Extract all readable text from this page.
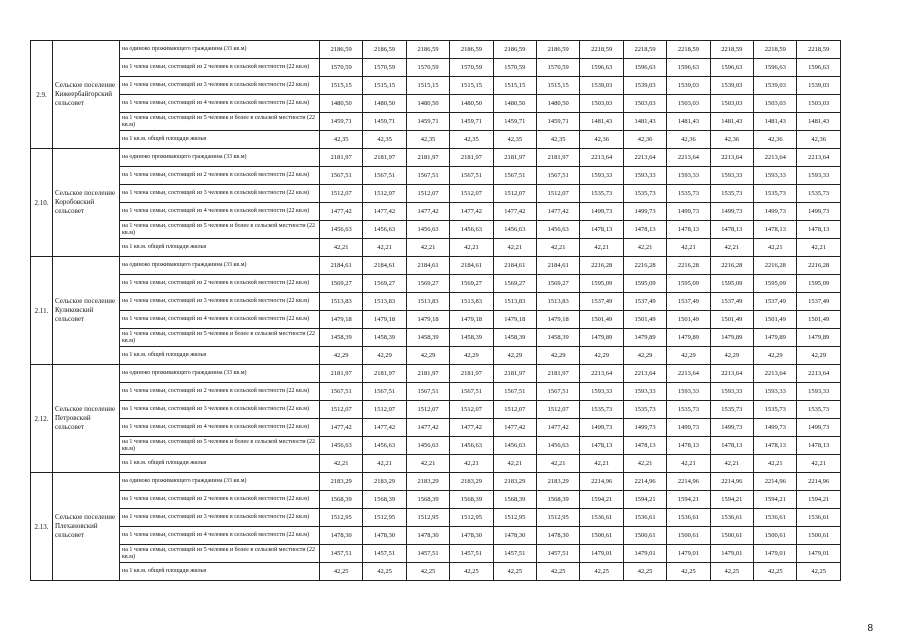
2.9.	Сельское поселение Кижеербайгорский сельсовет	на одиноко проживающего гражданина (33 кв.м)	2186,59	2186,59	2186,59	2186,59	2186,59	2186,59	2218,59	2218,59	2218,59	2218,59	2218,59	2218,59
		на 1 члена семьи, состоящей из 2 человек в сельской местности (22 кв.м)	1570,59	1570,59	1570,59	1570,59	1570,59	1570,59	1596,63	1596,63	1596,63	1596,63	1596,63	1596,63
		на 1 члена семьи, состоящей из 3 человек в сельской местности (22 кв.м)	1515,15	1515,15	1515,15	1515,15	1515,15	1515,15	1539,03	1539,03	1539,03	1539,03	1539,03	1539,03
		на 1 члена семьи, состоящей из 4 человек в сельской местности (22 кв.м)	1480,50	1480,50	1480,50	1480,50	1480,50	1480,50	1503,03	1503,03	1503,03	1503,03	1503,03	1503,03
		на 1 члена семьи, состоящей из 5 человек и более в сельской местности (22 кв.м)	1459,71	1459,71	1459,71	1459,71	1459,71	1459,71	1481,43	1481,43	1481,43	1481,43	1481,43	1481,43
		на 1 кв.м. общей площади жилья	42,35	42,35	42,35	42,35	42,35	42,35	42,36	42,36	42,36	42,36	42,36	42,36
2.10.	Сельское поселение Коробовский сельсовет	на одиноко проживающего гражданина (33 кв.м)	2181,97	2181,97	2181,97	2181,97	2181,97	2181,97	2213,64	2213,64	2213,64	2213,64	2213,64	2213,64
		на 1 члена семьи, состоящей из 2 человек в сельской местности (22 кв.м)	1567,51	1567,51	1567,51	1567,51	1567,51	1567,51	1593,33	1593,33	1593,33	1593,33	1593,33	1593,33
		на 1 члена семьи, состоящей из 3 человек в сельской местности (22 кв.м)	1512,07	1512,07	1512,07	1512,07	1512,07	1512,07	1535,73	1535,73	1535,73	1535,73	1535,73	1535,73
		на 1 члена семьи, состоящей из 4 человек в сельской местности (22 кв.м)	1477,42	1477,42	1477,42	1477,42	1477,42	1477,42	1499,73	1499,73	1499,73	1499,73	1499,73	1499,73
		на 1 члена семьи, состоящей из 5 человек и более в сельской местности (22 кв.м)	1456,63	1456,63	1456,63	1456,63	1456,63	1456,63	1478,13	1478,13	1478,13	1478,13	1478,13	1478,13
		на 1 кв.м. общей площади жилья	42,21	42,21	42,21	42,21	42,21	42,21	42,21	42,21	42,21	42,21	42,21	42,21
2.11.	Сельское поселение Куликовский сельсовет	на одиноко проживающего гражданина (33 кв.м)	2184,61	2184,61	2184,61	2184,61	2184,61	2184,61	2216,28	2216,28	2216,28	2216,28	2216,28	2216,28
		на 1 члена семьи, состоящей из 2 человек в сельской местности (22 кв.м)	1569,27	1569,27	1569,27	1569,27	1569,27	1569,27	1595,09	1595,09	1595,09	1595,09	1595,09	1595,09
		на 1 члена семьи, состоящей из 3 человек в сельской местности (22 кв.м)	1513,83	1513,83	1513,83	1513,83	1513,83	1513,83	1537,49	1537,49	1537,49	1537,49	1537,49	1537,49
		на 1 члена семьи, состоящей из 4 человек в сельской местности (22 кв.м)	1479,18	1479,18	1479,18	1479,18	1479,18	1479,18	1501,49	1501,49	1501,49	1501,49	1501,49	1501,49
		на 1 члена семьи, состоящей из 5 человек и более в сельской местности (22 кв.м)	1458,39	1458,39	1458,39	1458,39	1458,39	1458,39	1479,89	1479,89	1479,89	1479,89	1479,89	1479,89
		на 1 кв.м. общей площади жилья	42,29	42,29	42,29	42,29	42,29	42,29	42,29	42,29	42,29	42,29	42,29	42,29
2.12.	Сельское поселение Петровский сельсовет	на одиноко проживающего гражданина (33 кв.м)	2181,97	2181,97	2181,97	2181,97	2181,97	2181,97	2213,64	2213,64	2213,64	2213,64	2213,64	2213,64
		на 1 члена семьи, состоящей из 2 человек в сельской местности (22 кв.м)	1567,51	1567,51	1567,51	1567,51	1567,51	1567,51	1593,33	1593,33	1593,33	1593,33	1593,33	1593,33
		на 1 члена семьи, состоящей из 3 человек в сельской местности (22 кв.м)	1512,07	1512,07	1512,07	1512,07	1512,07	1512,07	1535,73	1535,73	1535,73	1535,73	1535,73	1535,73
		на 1 члена семьи, состоящей из 4 человек в сельской местности (22 кв.м)	1477,42	1477,42	1477,42	1477,42	1477,42	1477,42	1499,73	1499,73	1499,73	1499,73	1499,73	1499,73
		на 1 члена семьи, состоящей из 5 человек и более в сельской местности (22 кв.м)	1456,63	1456,63	1456,63	1456,63	1456,63	1456,63	1478,13	1478,13	1478,13	1478,13	1478,13	1478,13
		на 1 кв.м. общей площади жилья	42,21	42,21	42,21	42,21	42,21	42,21	42,21	42,21	42,21	42,21	42,21	42,21
2.13.	Сельское поселение Плехановский сельсовет	на одиноко проживающего гражданина (33 кв.м)	2183,29	2183,29	2183,29	2183,29	2183,29	2183,29	2214,96	2214,96	2214,96	2214,96	2214,96	2214,96
		на 1 члена семьи, состоящей из 2 человек в сельской местности (22 кв.м)	1568,39	1568,39	1568,39	1568,39	1568,39	1568,39	1594,21	1594,21	1594,21	1594,21	1594,21	1594,21
		на 1 члена семьи, состоящей из 3 человек в сельской местности (22 кв.м)	1512,95	1512,95	1512,95	1512,95	1512,95	1512,95	1536,61	1536,61	1536,61	1536,61	1536,61	1536,61
		на 1 члена семьи, состоящей из 4 человек в сельской местности (22 кв.м)	1478,30	1478,30	1478,30	1478,30	1478,30	1478,30	1500,61	1500,61	1500,61	1500,61	1500,61	1500,61
		на 1 члена семьи, состоящей из 5 человек и более в сельской местности (22 кв.м)	1457,51	1457,51	1457,51	1457,51	1457,51	1457,51	1479,01	1479,01	1479,01	1479,01	1479,01	1479,01
		на 1 кв.м. общей площади жилья	42,25	42,25	42,25	42,25	42,25	42,25	42,25	42,25	42,25	42,25	42,25	42,25
8
